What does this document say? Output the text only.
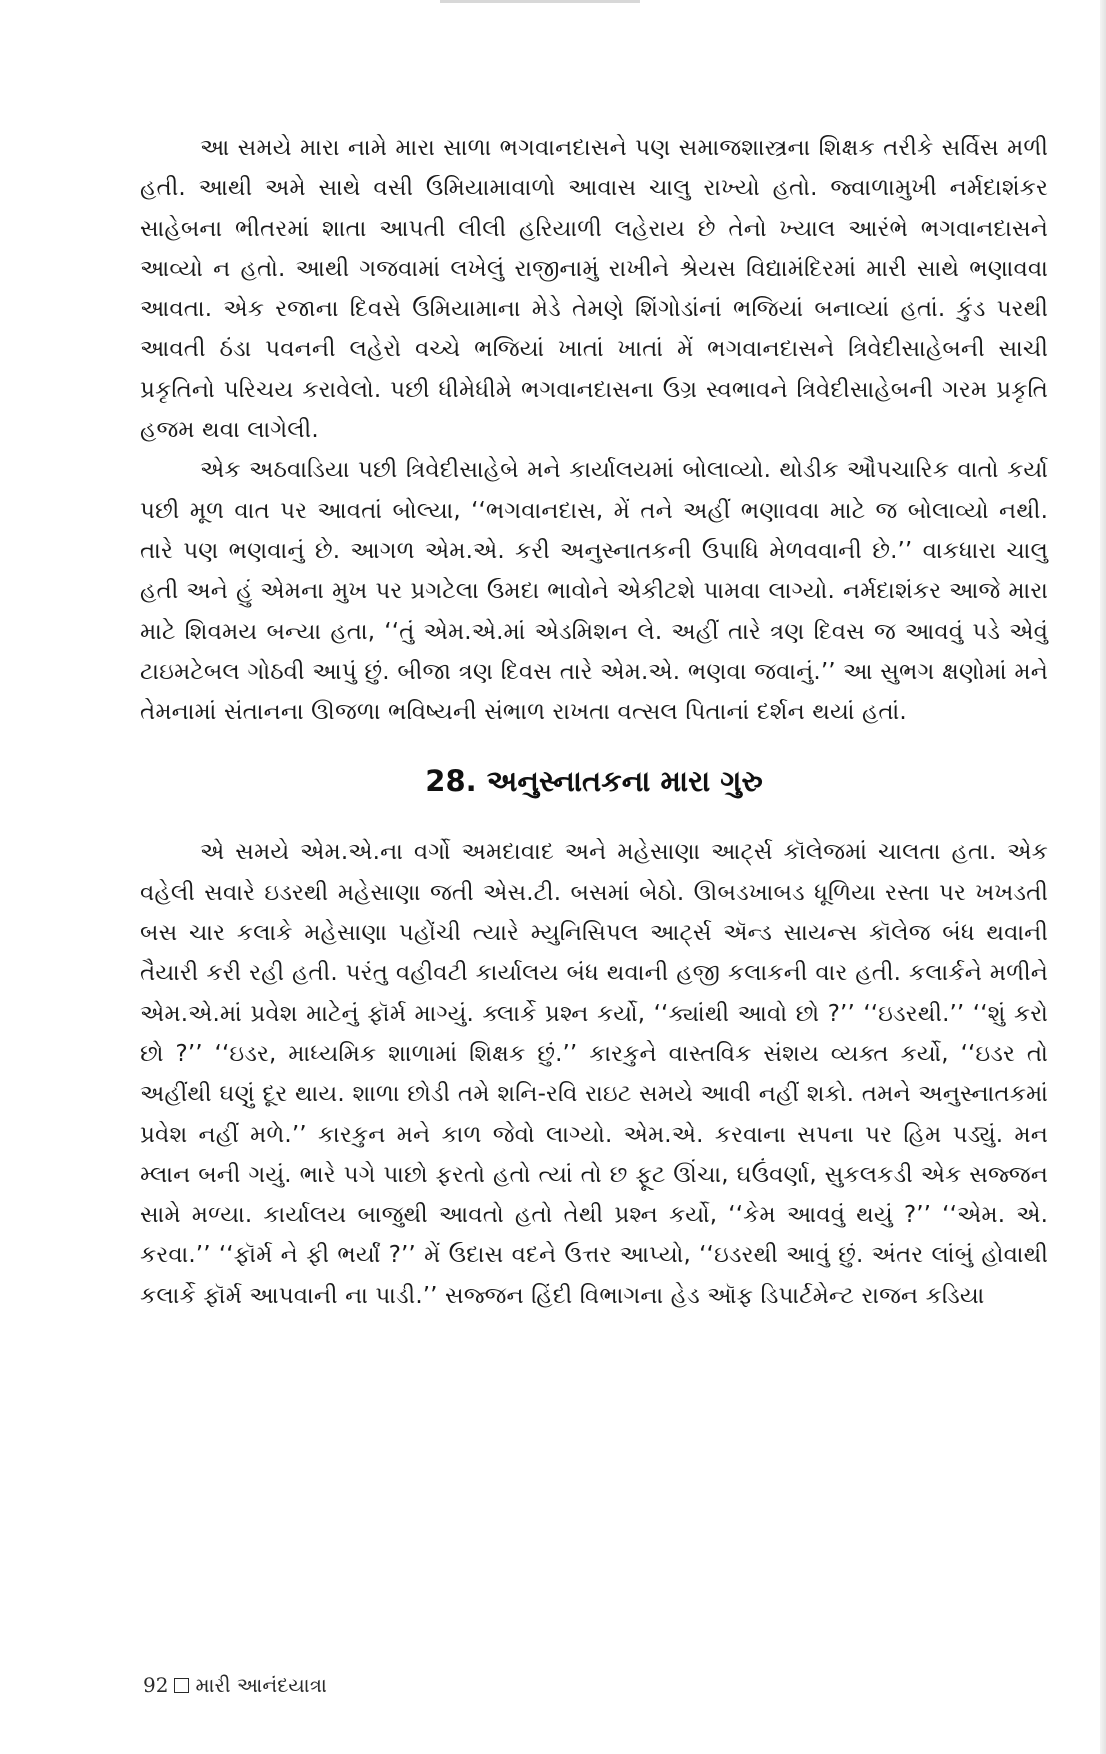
આ સમયે મારા નામે મારા સાળા ભગવાનદાસને પણ સમાજશાસ્ત્રના શિક્ષક તરીકે સર્વિસ મળી હતી. આથી અમે સાથે વસી ઉમિયામાવાળો આવાસ ચાલુ રાખ્યો હતો. જ્વાળામુખી નર્મદાશંકર સાહેબના ભીતરમાં શાતા આપતી લીલી હરિયાળી લહેરાય છે તેનો ખ્યાલ આરંભે ભગવાનદાસને આવ્યો ન હતો. આથી ગજવામાં લખેલું રાજીનામું રાખીને શ્રેયસ વિદ્યામંદિરમાં મારી સાથે ભણાવવા આવતા. એક રજાના દિવસે ઉમિયામાના મેડે તેમણે શિંગોડાંનાં ભજિયાં બનાવ્યાં હતાં. કુંડ પરથી આવતી ઠંડા પવનની લહેરો વચ્ચે ભજિયાં ખાતાં ખાતાં મેં ભગવાનદાસને ત્રિવેદીસાહેબની સાચી પ્રકૃતિનો પરિચય કરાવેલો. પછી ધીમેધીમે ભગવાનદાસના ઉગ્ર સ્વભાવને ત્રિવેદીસાહેબની ગરમ પ્રકૃતિ હજમ થવા લાગેલી.

એક અઠવાડિયા પછી ત્રિવેદીસાહેબે મને કાર્યાલયમાં બોલાવ્યો. થોડીક ઔપચારિક વાતો કર્યા પછી મૂળ વાત પર આવતાં બોલ્યા, ‘‘ભગવાનદાસ, મેં તને અહીં ભણાવવા માટે જ બોલાવ્યો નથી. તારે પણ ભણવાનું છે. આગળ એમ.એ. કરી અનુસ્નાતકની ઉપાધિ મેળવવાની છે.’’ વાકધારા ચાલુ હતી અને હું એમના મુખ પર પ્રગટેલા ઉમદા ભાવોને એકીટશે પામવા લાગ્યો. નર્મદાશંકર આજે મારા માટે શિવમય બન્યા હતા, ‘‘તું એમ.એ.માં એડમિશન લે. અહીં તારે ત્રણ દિવસ જ આવવું પડે એવું ટાઇમટેબલ ગોઠવી આપું છું. બીજા ત્રણ દિવસ તારે એમ.એ. ભણવા જવાનું.’’ આ સુભગ ક્ષણોમાં મને તેમનામાં સંતાનના ઊજળા ભવિષ્યની સંભાળ રાખતા વત્સલ પિતાનાં દર્શન થયાં હતાં.

28. અનુસ્નાતકના મારા ગુરુ

એ સમયે એમ.એ.ના વર્ગો અમદાવાદ અને મહેસાણા આર્ટ્સ કૉલેજમાં ચાલતા હતા. એક વહેલી સવારે ઇડરથી મહેસાણા જતી એસ.ટી. બસમાં બેઠો. ઊબડખાબડ ધૂળિયા રસ્તા પર ખખડતી બસ ચાર કલાકે મહેસાણા પહોંચી ત્યારે મ્યુનિસિપલ આર્ટ્સ ઍન્ડ સાયન્સ કૉલેજ બંધ થવાની તૈયારી કરી રહી હતી. પરંતુ વહીવટી કાર્યાલય બંધ થવાની હજી કલાકની વાર હતી. કલાર્કને મળીને એમ.એ.માં પ્રવેશ માટેનું ફૉર્મ માગ્યું. ક્લાર્કે પ્રશ્ન કર્યો, ‘‘ક્યાંથી આવો છો ?’’ ‘‘ઇડરથી.’’ ‘‘શું કરો છો ?’’ ‘‘ઇડર, માધ્યમિક શાળામાં શિક્ષક છું.’’ કારકુને વાસ્તવિક સંશય વ્યક્ત કર્યો, ‘‘ઇડર તો અહીંથી ઘણું દૂર થાય. શાળા છોડી તમે શનિ-રવિ રાઇટ સમયે આવી નહીં શકો. તમને અનુસ્નાતકમાં પ્રવેશ નહીં મળે.’’ કારકુન મને કાળ જેવો લાગ્યો. એમ.એ. કરવાના સપના પર હિમ પડ્યું. મન મ્લાન બની ગયું. ભારે પગે પાછો ફરતો હતો ત્યાં તો છ ફૂટ ઊંચા, ઘઉંવર્ણા, સુકલકડી એક સજ્જન સામે મળ્યા. કાર્યાલય બાજુથી આવતો હતો તેથી પ્રશ્ન કર્યો, ‘‘કેમ આવવું થયું ?’’ ‘‘એમ. એ. કરવા.’’ ‘‘ફૉર્મ ને ફી ભર્યાં ?’’ મેં ઉદાસ વદને ઉત્તર આપ્યો, ‘‘ઇડરથી આવું છું. અંતર લાંબું હોવાથી કલાર્કે ફૉર્મ આપવાની ના પાડી.’’ સજ્જન હિંદી વિભાગના હેડ ઑફ ડિપાર્ટમેન્ટ રાજન કડિયા

92 મારી આનંદયાત્રા
